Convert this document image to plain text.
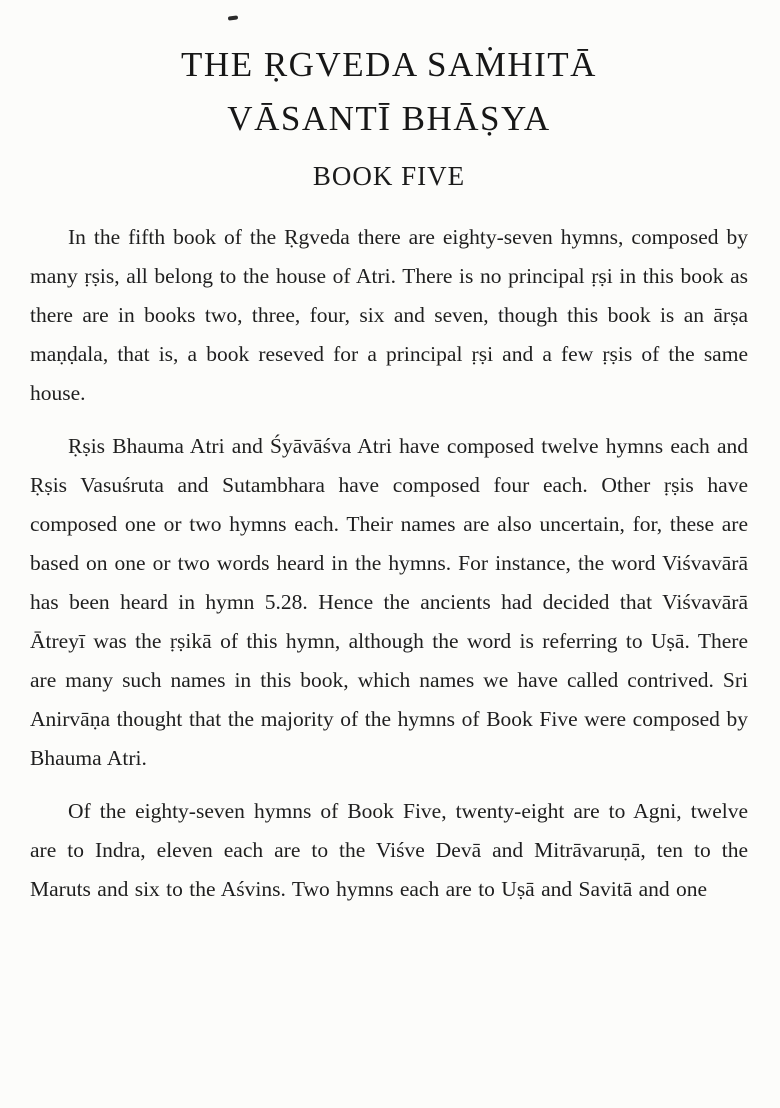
THE ṚGVEDA SAṀHITĀ
VĀSANTĪ BHĀṢYA
BOOK FIVE

In the fifth book of the Ṛgveda there are eighty-seven hymns, composed by many ṛṣis, all belong to the house of Atri. There is no principal ṛṣi in this book as there are in books two, three, four, six and seven, though this book is an ārṣa maṇḍala, that is, a book reseved for a principal ṛṣi and a few ṛṣis of the same house.

Ṛṣis Bhauma Atri and Śyāvāśva Atri have composed twelve hymns each and Ṛṣis Vasuśruta and Sutambhara have composed four each. Other ṛṣis have composed one or two hymns each. Their names are also uncertain, for, these are based on one or two words heard in the hymns. For instance, the word Viśvavārā has been heard in hymn 5.28. Hence the ancients had decided that Viśvavārā Ātreyī was the ṛṣikā of this hymn, although the word is referring to Uṣā. There are many such names in this book, which names we have called contrived. Sri Anirvāṇa thought that the majority of the hymns of Book Five were composed by Bhauma Atri.

Of the eighty-seven hymns of Book Five, twenty-eight are to Agni, twelve are to Indra, eleven each are to the Viśve Devā and Mitrāvaruṇā, ten to the Maruts and six to the Aśvins. Two hymns each are to Uṣā and Savitā and one
